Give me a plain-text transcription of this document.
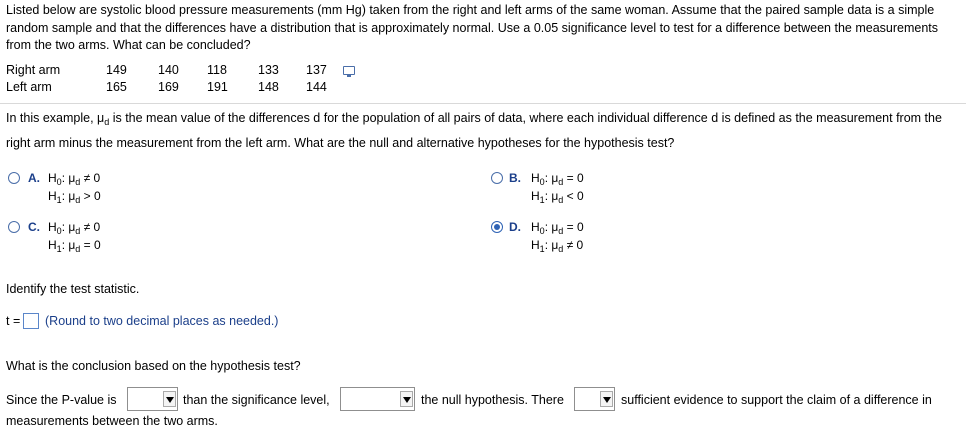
Listed below are systolic blood pressure measurements (mm Hg) taken from the right and left arms of the same woman. Assume that the paired sample data is a simple random sample and that the differences have a distribution that is approximately normal. Use a 0.05 significance level to test for a difference between the measurements from the two arms. What can be concluded?
Right arm	149 140 118 133 137
Left arm	165 169 191 148 144
In this example, $\mu_d$ is the mean value of the differences d for the population of all pairs of data, where each individual difference d is defined as the measurement from the right arm minus the measurement from the left arm. What are the null and alternative hypotheses for the hypothesis test?
A. $H_0$: $\mu_d \ne 0$
$H_1$: $\mu_d > 0$
B. $H_0$: $\mu_d = 0$
$H_1$: $\mu_d < 0$
C. $H_0$: $\mu_d \ne 0$
$H_1$: $\mu_d = 0$
D. $H_0$: $\mu_d = 0$
$H_1$: $\mu_d \ne 0$
Identify the test statistic.
t = (Round to two decimal places as needed.)
What is the conclusion based on the hypothesis test?
Since the P-value is	than the significance level,	the null hypothesis. There	sufficient evidence to support the claim of a difference in
measurements between the two arms.
